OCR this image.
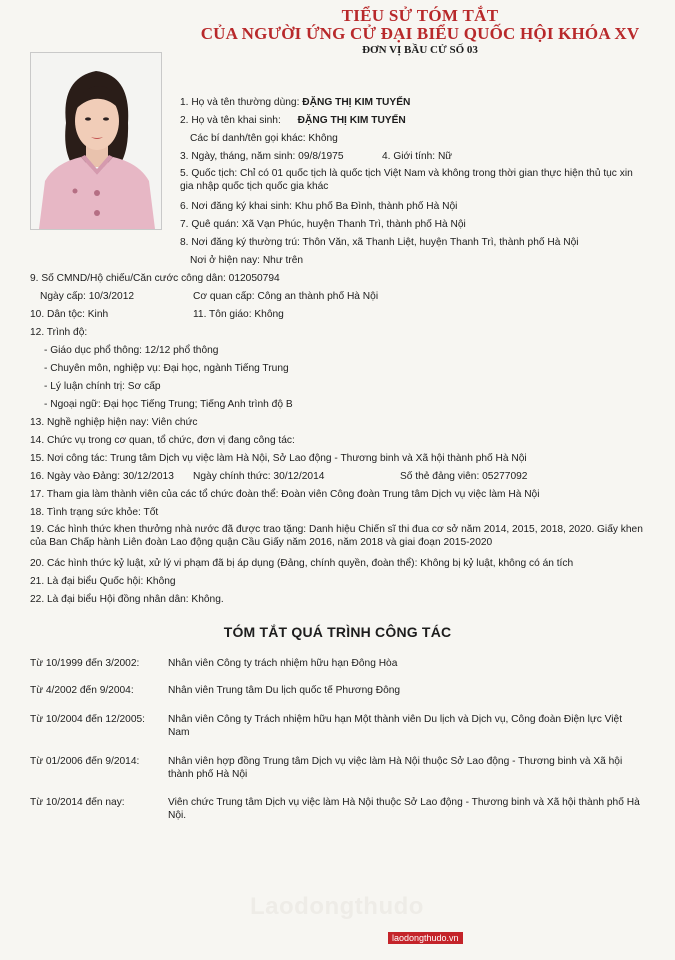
TIỂU SỬ TÓM TẮT
CỦA NGƯỜI ỨNG CỬ ĐẠI BIỂU QUỐC HỘI KHÓA XV
ĐƠN VỊ BẦU CỬ SỐ 03
1. Họ và tên thường dùng: ĐẶNG THỊ KIM TUYẾN
2. Họ và tên khai sinh: ĐẶNG THỊ KIM TUYẾN
Các bí danh/tên gọi khác: Không
3. Ngày, tháng, năm sinh: 09/8/1975	4. Giới tính: Nữ
5. Quốc tịch: Chỉ có 01 quốc tịch là quốc tịch Việt Nam và không trong thời gian thực hiện thủ tục xin gia nhập quốc tịch quốc gia khác
6. Nơi đăng ký khai sinh: Khu phố Ba Đình, thành phố Hà Nội
7. Quê quán: Xã Vạn Phúc, huyện Thanh Trì, thành phố Hà Nội
8. Nơi đăng ký thường trú: Thôn Văn, xã Thanh Liệt, huyện Thanh Trì, thành phố Hà Nội
Nơi ở hiện nay: Như trên
9. Số CMND/Hộ chiếu/Căn cước công dân: 012050794
Ngày cấp: 10/3/2012	Cơ quan cấp: Công an thành phố Hà Nội
10. Dân tộc: Kinh	11. Tôn giáo: Không
12. Trình độ:
- Giáo dục phổ thông: 12/12 phổ thông
- Chuyên môn, nghiệp vụ: Đại học, ngành Tiếng Trung
- Lý luận chính trị: Sơ cấp
- Ngoại ngữ: Đại học Tiếng Trung; Tiếng Anh trình độ B
13. Nghề nghiệp hiện nay: Viên chức
14. Chức vụ trong cơ quan, tổ chức, đơn vị đang công tác:
15. Nơi công tác: Trung tâm Dịch vụ việc làm Hà Nội, Sở Lao động - Thương binh và Xã hội thành phố Hà Nội
16. Ngày vào Đảng: 30/12/2013 Ngày chính thức: 30/12/2014	Số thẻ đảng viên: 05277092
17. Tham gia làm thành viên của các tổ chức đoàn thể: Đoàn viên Công đoàn Trung tâm Dịch vụ việc làm Hà Nội
18. Tình trạng sức khỏe: Tốt
19. Các hình thức khen thưởng nhà nước đã được trao tặng: Danh hiệu Chiến sĩ thi đua cơ sở năm 2014, 2015, 2018, 2020. Giấy khen của Ban Chấp hành Liên đoàn Lao động quận Cầu Giấy năm 2016, năm 2018 và giai đoạn 2015-2020
20. Các hình thức kỷ luật, xử lý vi phạm đã bị áp dụng (Đảng, chính quyền, đoàn thể): Không bị kỷ luật, không có án tích
21. Là đại biểu Quốc hội: Không
22. Là đại biểu Hội đồng nhân dân: Không.
TÓM TẮT QUÁ TRÌNH CÔNG TÁC
Từ 10/1999 đến 3/2002:	Nhân viên Công ty trách nhiệm hữu hạn Đông Hòa
Từ 4/2002 đến 9/2004:	Nhân viên Trung tâm Du lịch quốc tế Phương Đông
Từ 10/2004 đến 12/2005: Nhân viên Công ty Trách nhiệm hữu hạn Một thành viên Du lịch và Dịch vụ, Công đoàn Điện lực Việt Nam
Từ 01/2006 đến 9/2014:	Nhân viên hợp đồng Trung tâm Dịch vụ việc làm Hà Nội thuộc Sở Lao động - Thương binh và Xã hội thành phố Hà Nội
Từ 10/2014 đến nay:	Viên chức Trung tâm Dịch vụ việc làm Hà Nội thuộc Sở Lao động - Thương binh và Xã hội thành phố Hà Nội.
Laodongthudo
laodongthudo.vn
